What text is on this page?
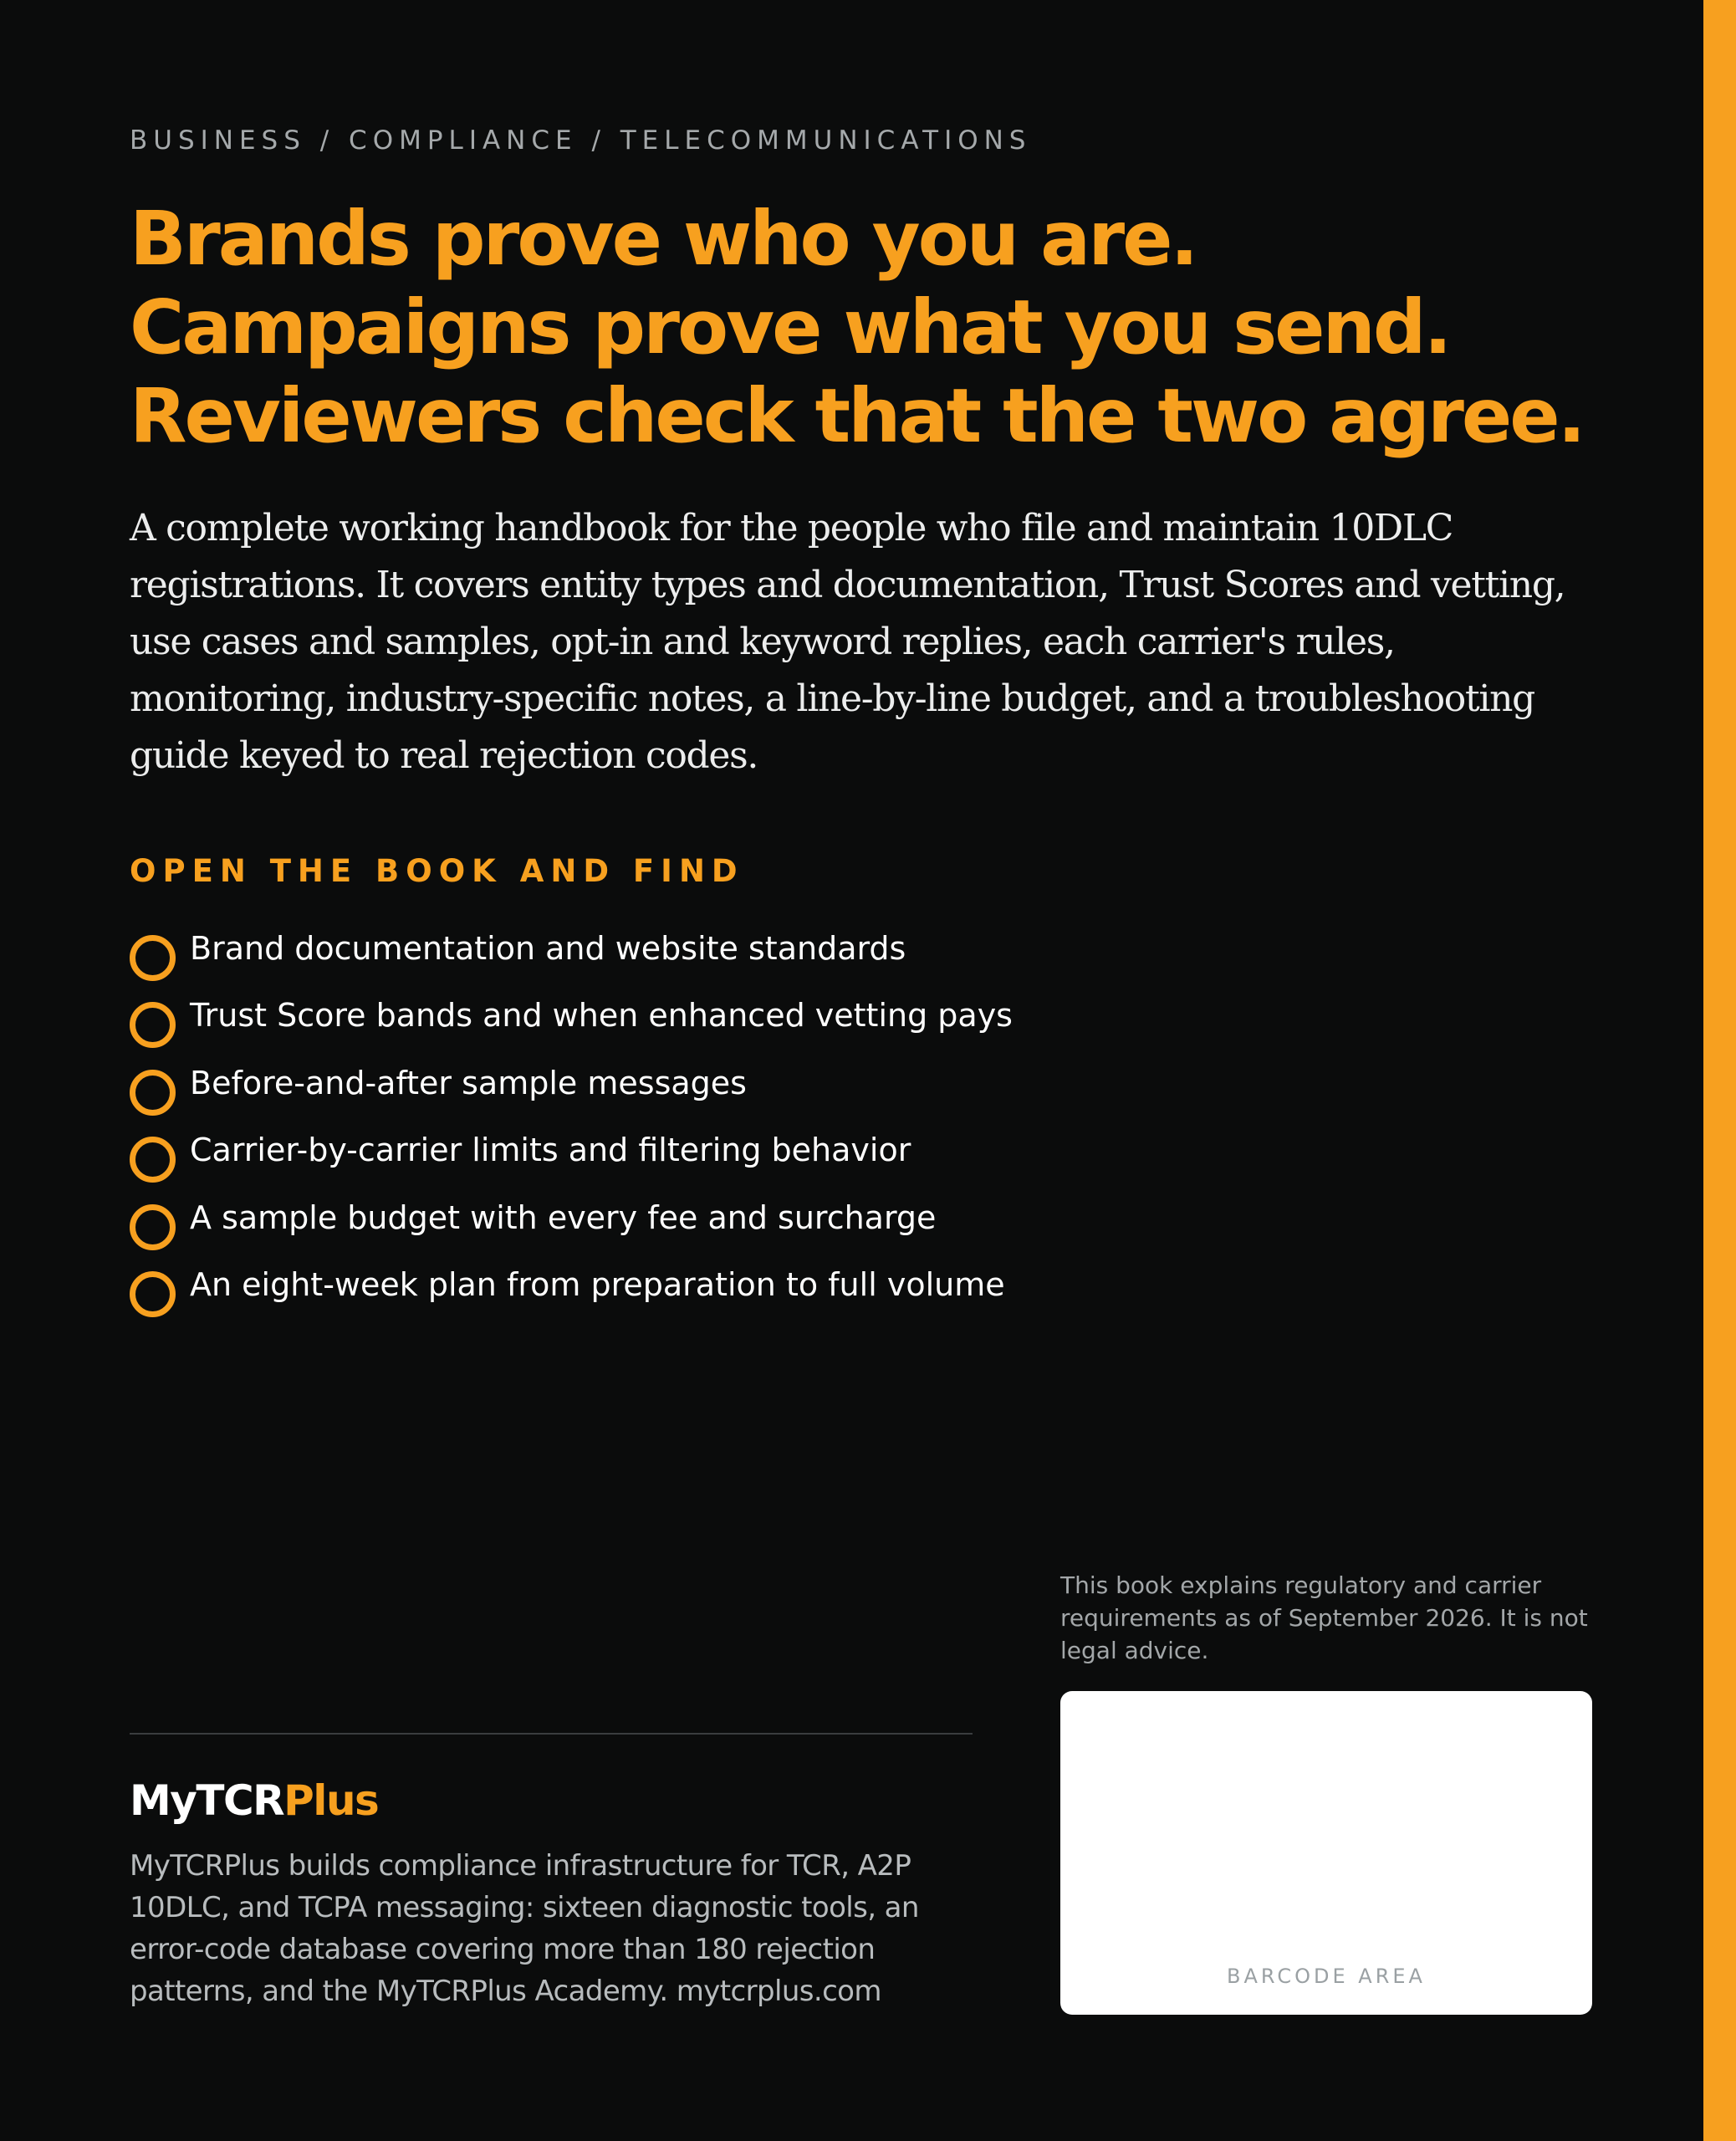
BUSINESS / COMPLIANCE / TELECOMMUNICATIONS
Brands prove who you are.
Campaigns prove what you send.
Reviewers check that the two agree.

A complete working handbook for the people who file and maintain 10DLC registrations. It covers entity types and documentation, Trust Scores and vetting, use cases and samples, opt-in and keyword replies, each carrier's rules, monitoring, industry-specific notes, a line-by-line budget, and a troubleshooting guide keyed to real rejection codes.

OPEN THE BOOK AND FIND
Brand documentation and website standards
Trust Score bands and when enhanced vetting pays
Before-and-after sample messages
Carrier-by-carrier limits and filtering behavior
A sample budget with every fee and surcharge
An eight-week plan from preparation to full volume

This book explains regulatory and carrier requirements as of September 2026. It is not legal advice.

BARCODE AREA
MyTCRPlus

MyTCRPlus builds compliance infrastructure for TCR, A2P 10DLC, and TCPA messaging: sixteen diagnostic tools, an error-code database covering more than 180 rejection patterns, and the MyTCRPlus Academy. mytcrplus.com
